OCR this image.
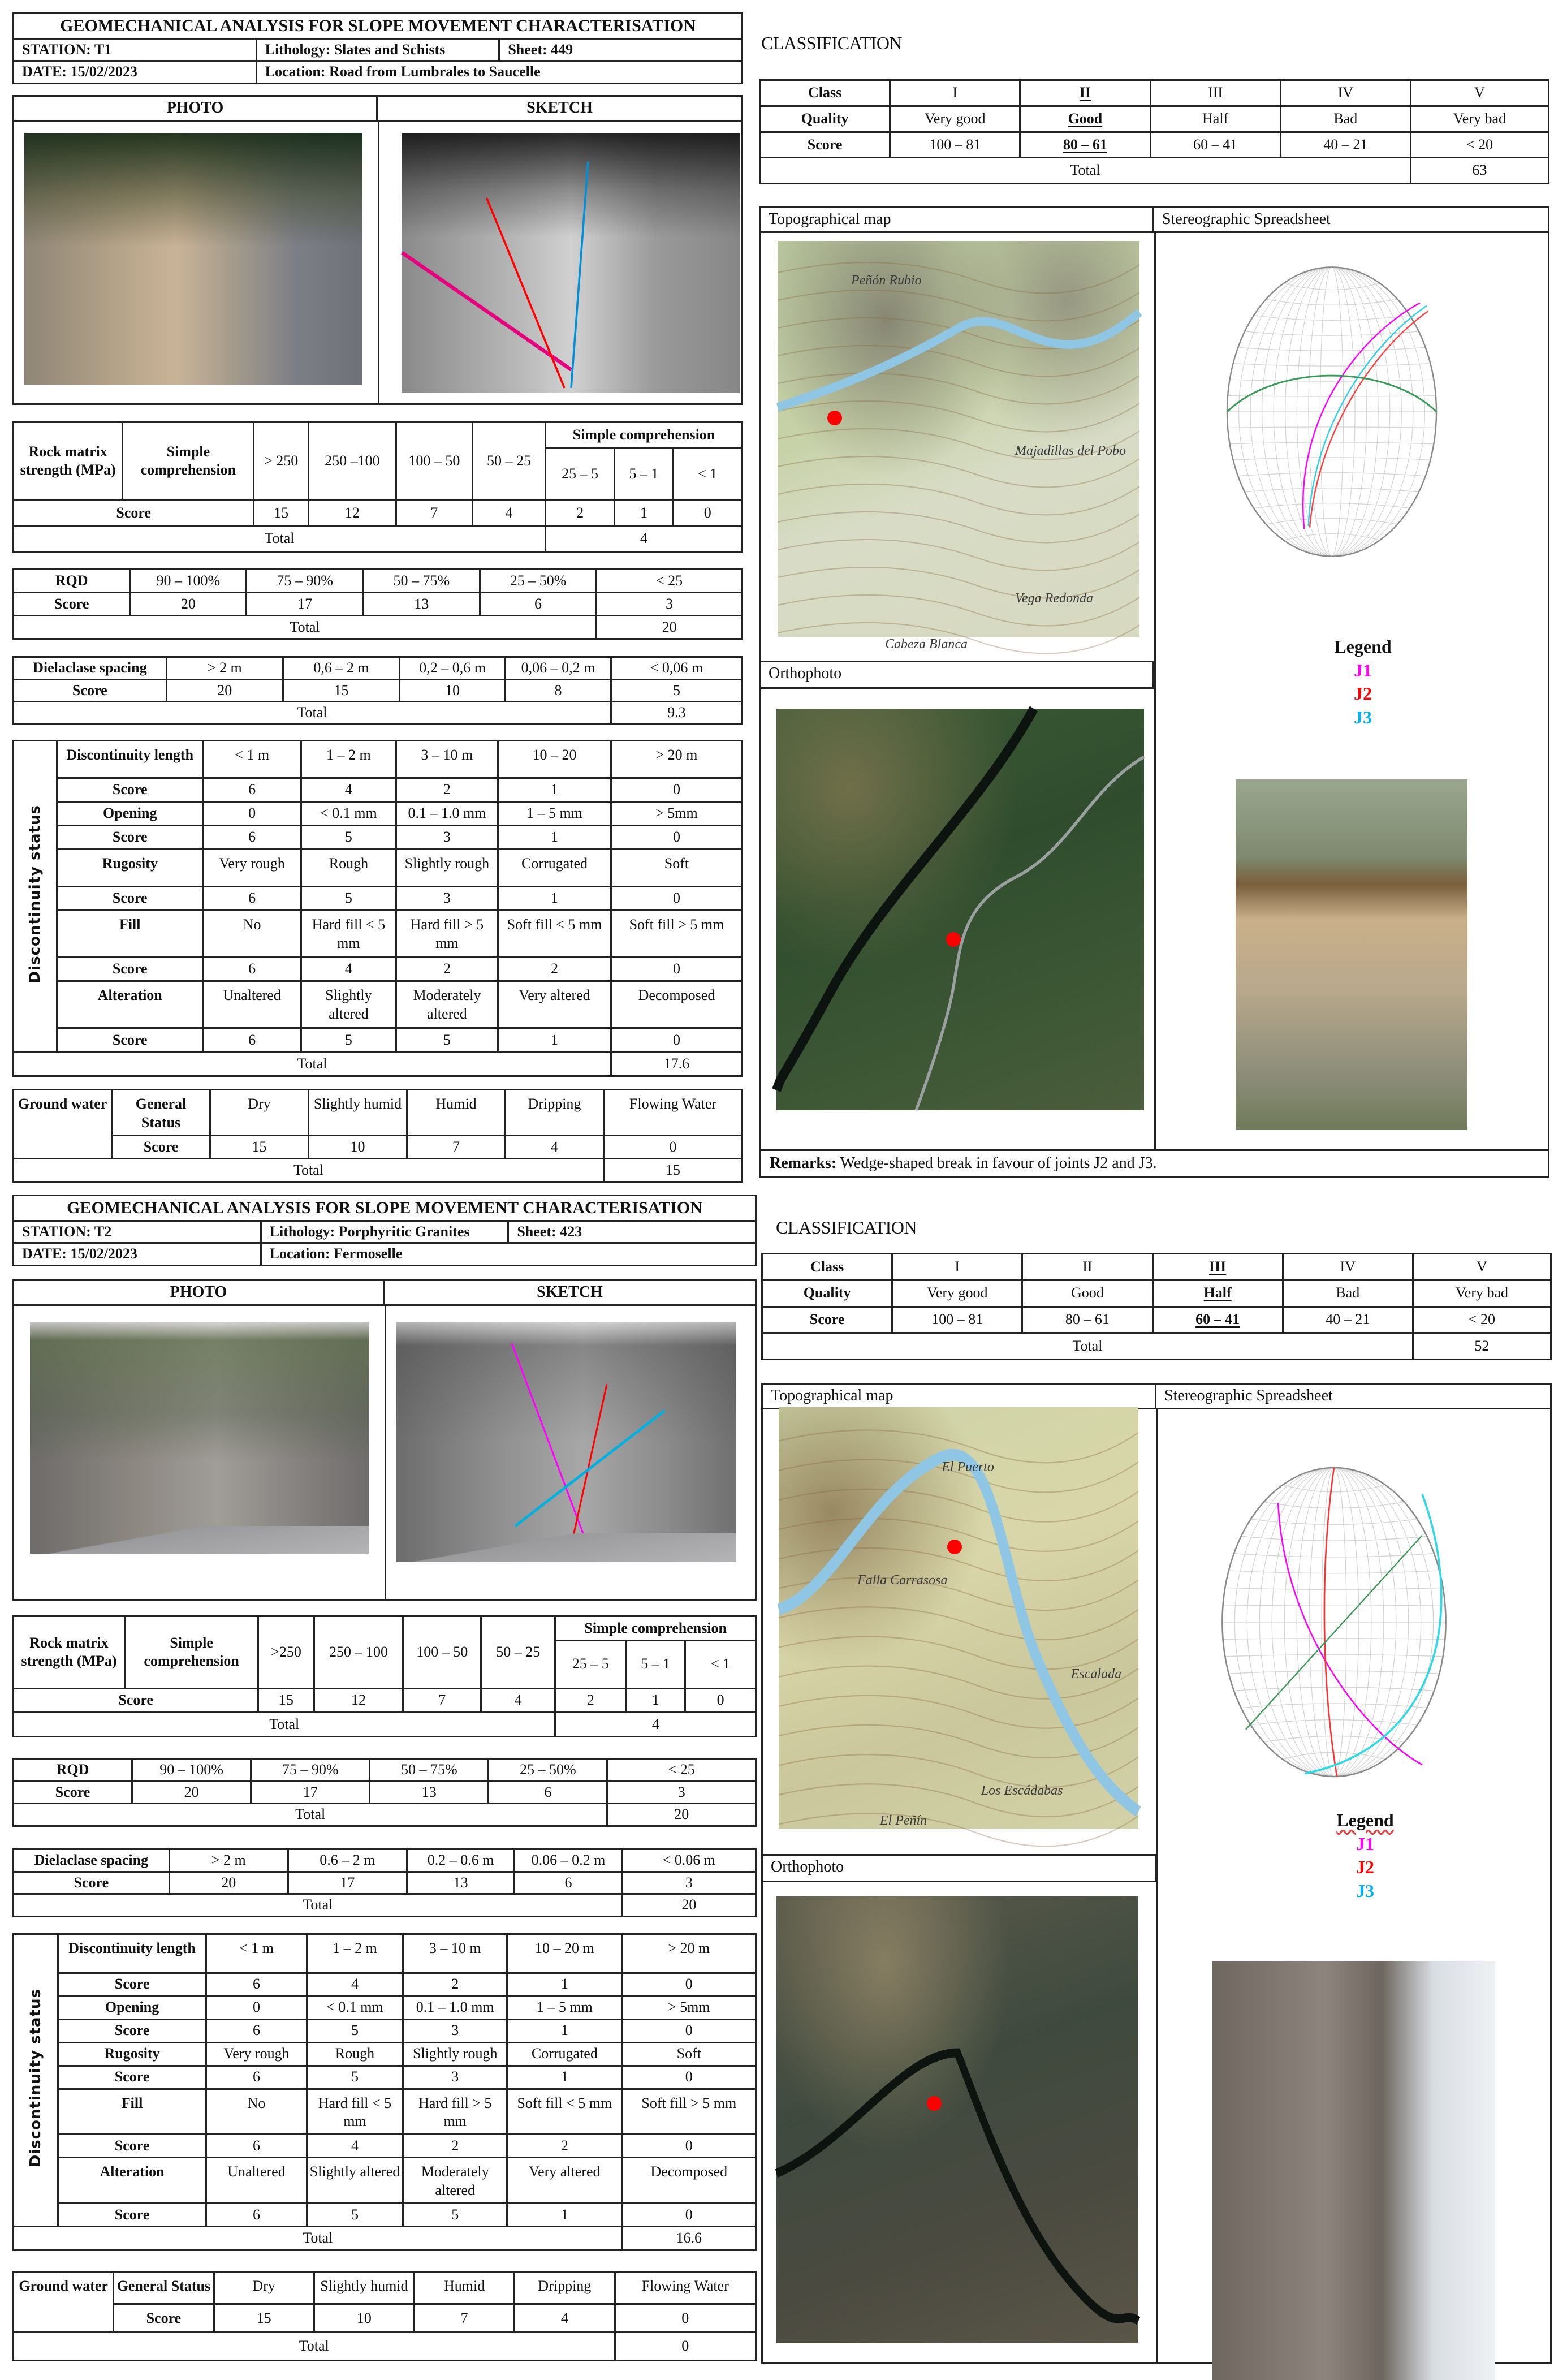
GEOMECHANICAL ANALYSIS FOR SLOPE MOVEMENT CHARACTERISATION		
STATION: T1	Lithology: Slates and Schists	Sheet: 449
DATE: 15/02/2023	Location: Road from Lumbrales to Saucelle	
PHOTO	SKETCH
Rock matrix strength (MPa)	Simple comprehension	> 250	250 –100	100 – 50	50 – 25	Simple comprehension		
						25 – 5	5 – 1	< 1
Score		15	12	7	4	2	1	0
Total						4		
RQD	90 – 100%	75 – 90%	50 – 75%	25 – 50%	< 25
Score	20	17	13	6	3
Total					20
Dielaclase spacing	> 2 m	0,6 – 2 m	0,2 – 0,6 m	0,06 – 0,2 m	< 0,06 m
Score	20	15	10	8	5
Total					9.3
Discontinuity status	Discontinuity length	< 1 m	1 – 2 m	3 – 10 m	10 – 20	> 20 m
	Score	6	4	2	1	0
	Opening	0	< 0.1 mm	0.1 – 1.0 mm	1 – 5 mm	> 5mm
	Score	6	5	3	1	0
	Rugosity	Very rough	Rough	Slightly rough	Corrugated	Soft
	Score	6	5	3	1	0
	Fill	No	Hard fill < 5 mm	Hard fill > 5 mm	Soft fill < 5 mm	Soft fill > 5 mm
	Score	6	4	2	2	0
	Alteration	Unaltered	Slightly altered	Moderately altered	Very altered	Decomposed
	Score	6	5	5	1	0
Total						17.6
Ground water	General Status	Dry	Slightly humid	Humid	Dripping	Flowing Water
	Score	15	10	7	4	0
Total						15
CLASSIFICATION
Class	I	II	III	IV	V
Quality	Very good	Good	Half	Bad	Very bad
Score	100 – 81	80 – 61	60 – 41	40 – 21	< 20
Total					63
Topographical map	Stereographic Spreadsheet
Peñón Rubio
Majadillas del Pobo
Vega Redonda
Cabeza Blanca
Orthophoto
Legend
J1
J2
J3
Remarks: Wedge-shaped break in favour of joints J2 and J3.
GEOMECHANICAL ANALYSIS FOR SLOPE MOVEMENT CHARACTERISATION		
STATION: T2	Lithology: Porphyritic Granites	Sheet: 423
DATE: 15/02/2023	Location: Fermoselle	
PHOTO	SKETCH
Rock matrix strength (MPa)	Simple comprehension	>250	250 – 100	100 – 50	50 – 25	Simple comprehension		
						25 – 5	5 – 1	< 1
Score		15	12	7	4	2	1	0
Total						4		
RQD	90 – 100%	75 – 90%	50 – 75%	25 – 50%	< 25
Score	20	17	13	6	3
Total					20
Dielaclase spacing	> 2 m	0.6 – 2 m	0.2 – 0.6 m	0.06 – 0.2 m	< 0.06 m
Score	20	17	13	6	3
Total					20
Discontinuity status	Discontinuity length	< 1 m	1 – 2 m	3 – 10 m	10 – 20 m	> 20 m
	Score	6	4	2	1	0
	Opening	0	< 0.1 mm	0.1 – 1.0 mm	1 – 5 mm	> 5mm
	Score	6	5	3	1	0
	Rugosity	Very rough	Rough	Slightly rough	Corrugated	Soft
	Score	6	5	3	1	0
	Fill	No	Hard fill < 5 mm	Hard fill > 5 mm	Soft fill < 5 mm	Soft fill > 5 mm
	Score	6	4	2	2	0
	Alteration	Unaltered	Slightly altered	Moderately altered	Very altered	Decomposed
	Score	6	5	5	1	0
Total						16.6
Ground water	General Status	Dry	Slightly humid	Humid	Dripping	Flowing Water
	Score	15	10	7	4	0
Total						0
CLASSIFICATION
Class	I	II	III	IV	V
Quality	Very good	Good	Half	Bad	Very bad
Score	100 – 81	80 – 61	60 – 41	40 – 21	< 20
Total					52
Topographical map	Stereographic Spreadsheet
El Puerto
Falla Carrasosa
Escalada
Los Escádabas
El Peñín
Orthophoto
Legend
J1
J2
J3
